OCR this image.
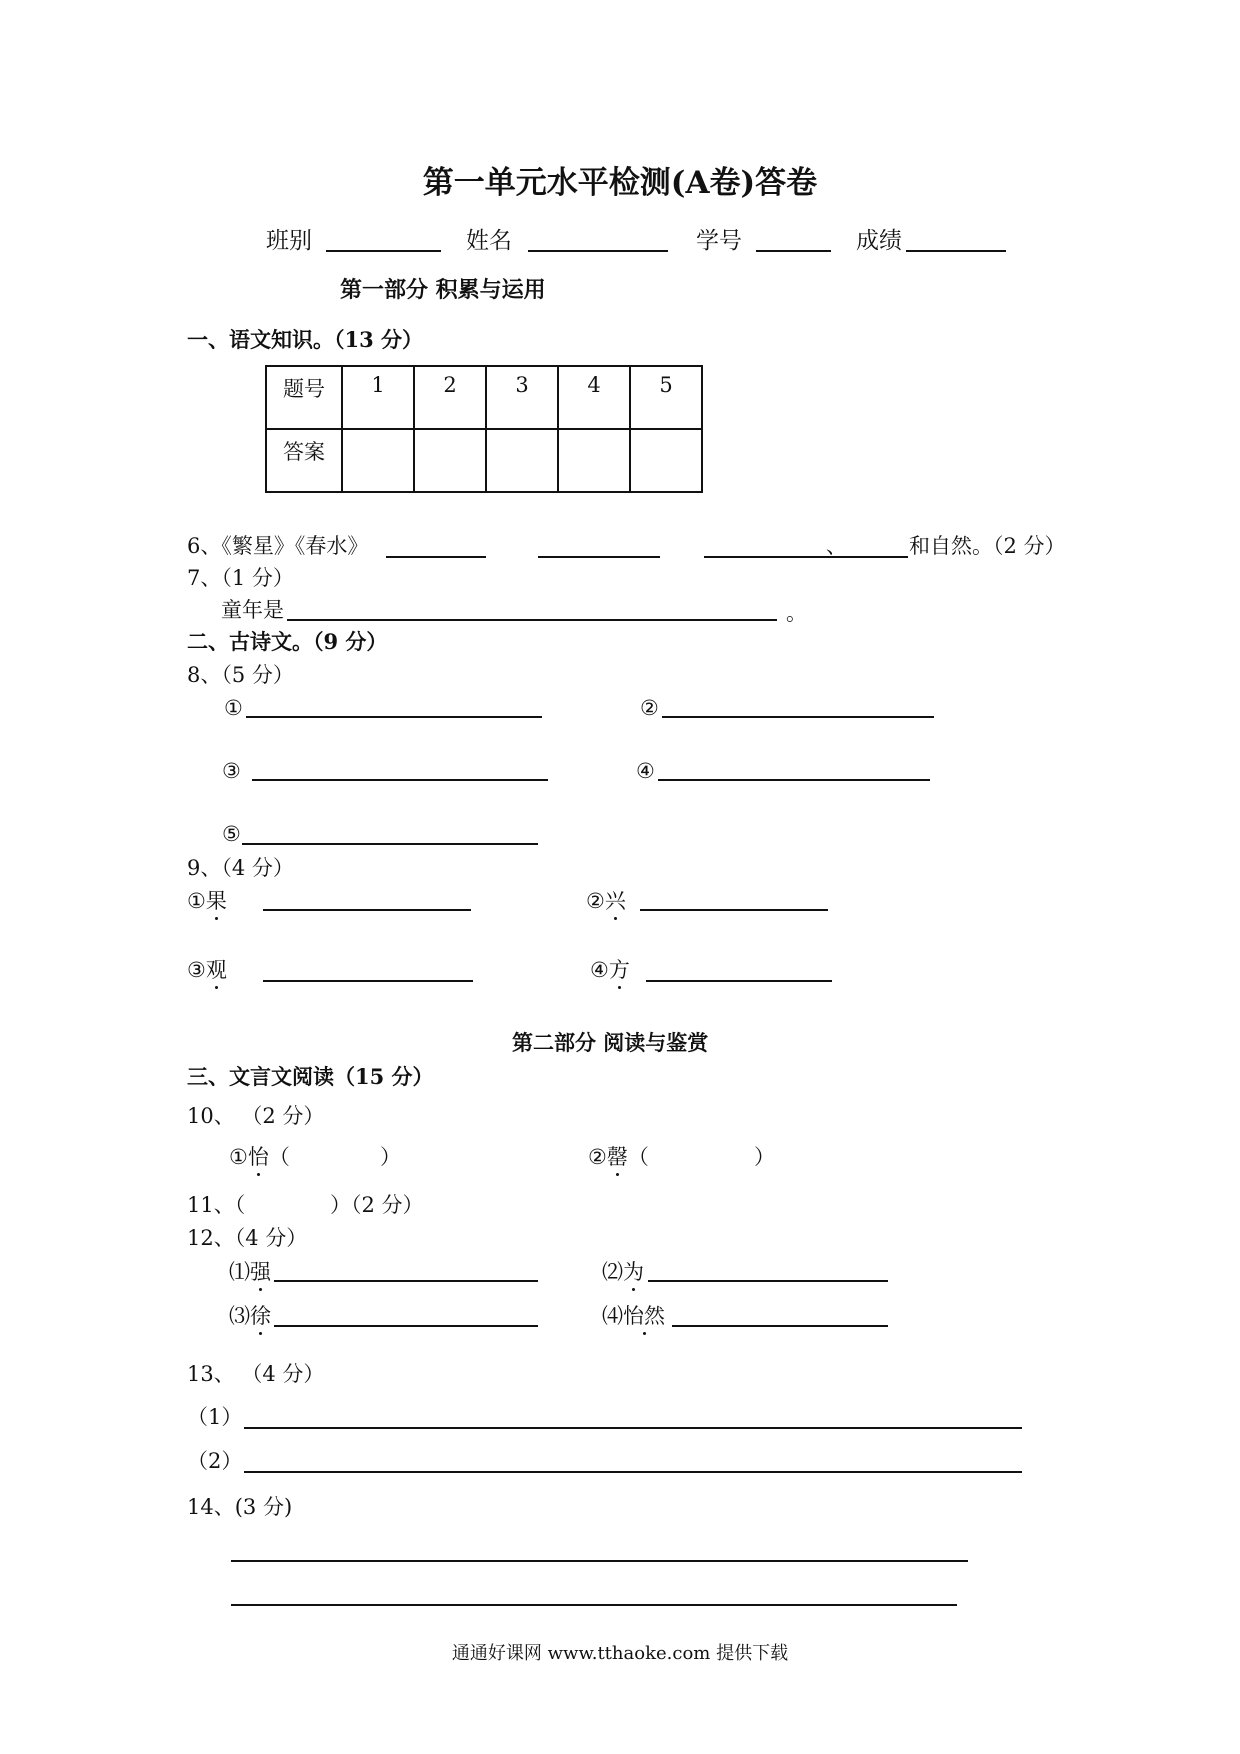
第一单元水平检测(A卷)答卷
班别	姓名	学号	成绩
第一部分 积累与运用
一、语文知识。（13 分）
题号	1	2	3	4	5
答案					
6、《繁星》《春水》	、	和自然。（2 分）
7、（1 分）
童年是	。
二、古诗文。（9 分）
8、（5 分）
①	②
③	④
⑤
9、（4 分）
①果	②兴
③观	④方
第二部分 阅读与鉴赏
三、文言文阅读（15 分）
10、 （2 分）
①怡（	）	②罄（	）
11、（	）（2 分）
12、（4 分）
⑴强	⑵为
⑶徐	⑷怡然
13、 （4 分）
（1）
（2）
14、(3 分)
通通好课网 www.tthaoke.com 提供下载
